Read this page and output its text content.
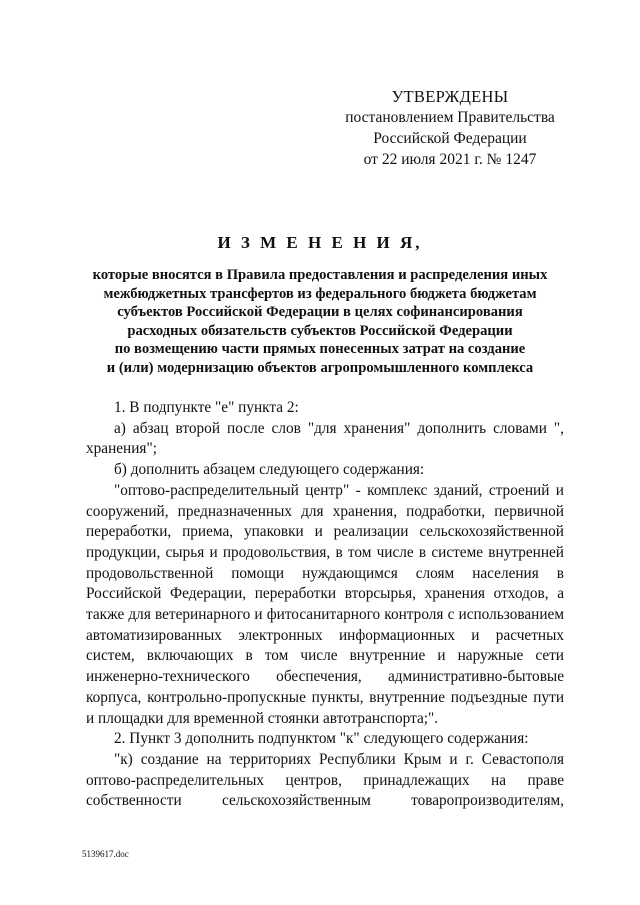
УТВЕРЖДЕНЫ
постановлением Правительства
Российской Федерации
от 22 июля 2021 г. № 1247
И З М Е Н Е Н И Я,
которые вносятся в Правила предоставления и распределения иных
межбюджетных трансфертов из федерального бюджета бюджетам
субъектов Российской Федерации в целях софинансирования
расходных обязательств субъектов Российской Федерации
по возмещению части прямых понесенных затрат на создание
и (или) модернизацию объектов агропромышленного комплекса

1. В подпункте "е" пункта 2:

а) абзац второй после слов "для хранения" дополнить словами ", хранения";

б) дополнить абзацем следующего содержания:

"оптово-распределительный центр" - комплекс зданий, строений и сооружений, предназначенных для хранения, подработки, первичной переработки, приема, упаковки и реализации сельскохозяйственной продукции, сырья и продовольствия, в том числе в системе внутренней продовольственной помощи нуждающимся слоям населения в Российской Федерации, переработки вторсырья, хранения отходов, а также для ветеринарного и фитосанитарного контроля с использованием автоматизированных электронных информационных и расчетных систем, включающих в том числе внутренние и наружные сети инженерно-технического обеспечения, административно-бытовые корпуса, контрольно-пропускные пункты, внутренние подъездные пути и площадки для временной стоянки автотранспорта;".

2. Пункт 3 дополнить подпунктом "к" следующего содержания:

"к) создание на территориях Республики Крым и г. Севастополя оптово-распределительных центров, принадлежащих на праве собственности сельскохозяйственным товаропроизводителям,

5139617.doc
